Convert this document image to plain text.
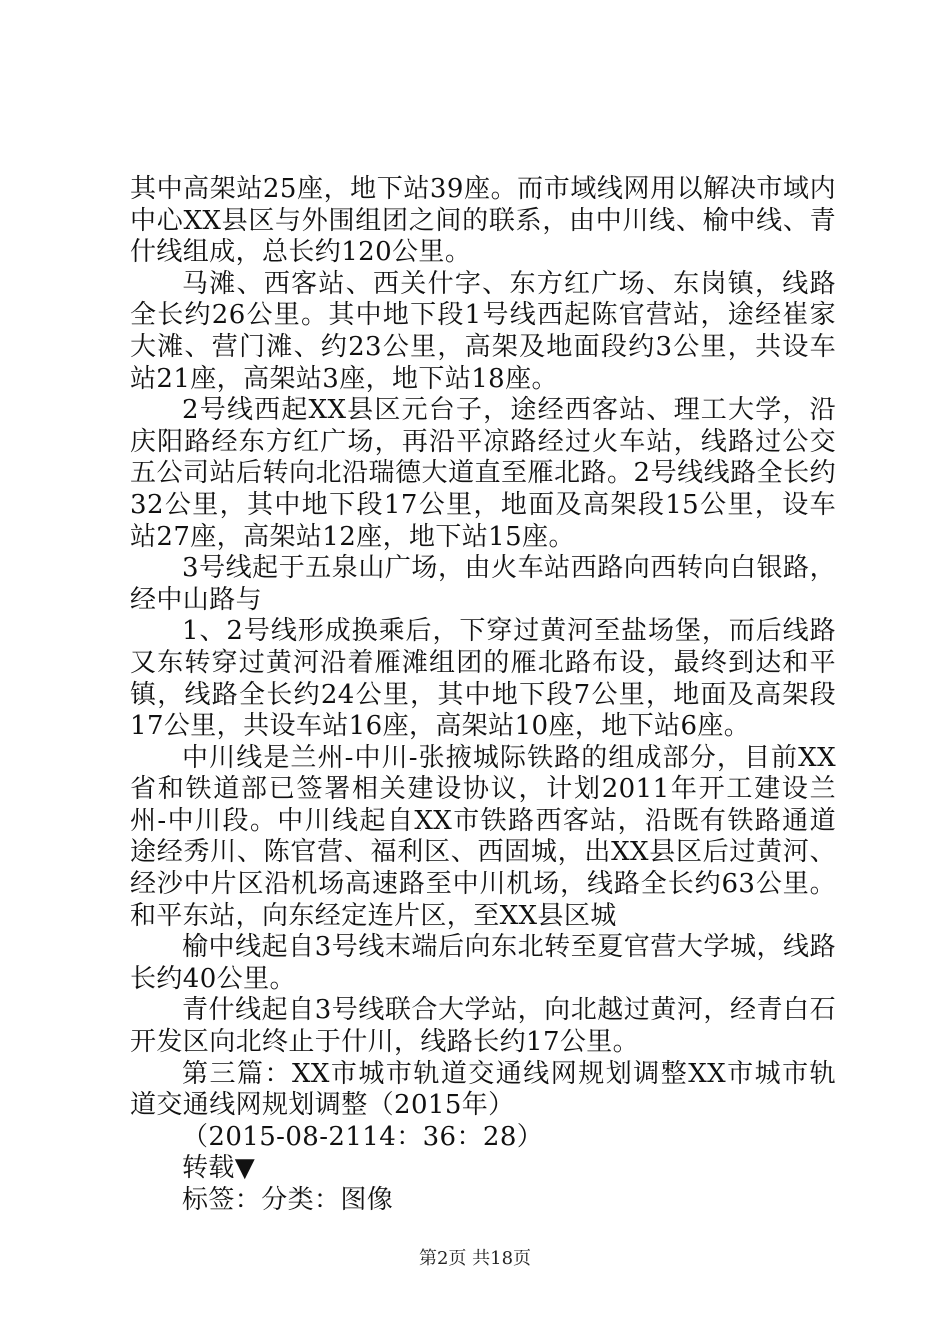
其中高架站25座，地下站39座。而市域线网用以解决市域内中心XX县区与外围组团之间的联系，由中川线、榆中线、青什线组成，总长约120公里。

马滩、西客站、西关什字、东方红广场、东岗镇，线路全长约26公里。其中地下段1号线西起陈官营站，途经崔家大滩、营门滩、约23公里，高架及地面段约3公里，共设车站21座，高架站3座，地下站18座。

2号线西起XX县区元台子，途经西客站、理工大学，沿庆阳路经东方红广场，再沿平凉路经过火车站，线路过公交五公司站后转向北沿瑞德大道直至雁北路。2号线线路全长约32公里，其中地下段17公里，地面及高架段15公里，设车站27座，高架站12座，地下站15座。

3号线起于五泉山广场，由火车站西路向西转向白银路，经中山路与

1、2号线形成换乘后，下穿过黄河至盐场堡，而后线路又东转穿过黄河沿着雁滩组团的雁北路布设，最终到达和平镇，线路全长约24公里，其中地下段7公里，地面及高架段17公里，共设车站16座，高架站10座，地下站6座。

中川线是兰州-中川-张掖城际铁路的组成部分，目前XX省和铁道部已签署相关建设协议，计划2011年开工建设兰州-中川段。中川线起自XX市铁路西客站，沿既有铁路通道途经秀川、陈官营、福利区、西固城，出XX县区后过黄河、经沙中片区沿机场高速路至中川机场，线路全长约63公里。和平东站，向东经定连片区，至XX县区城

榆中线起自3号线末端后向东北转至夏官营大学城，线路长约40公里。

青什线起自3号线联合大学站，向北越过黄河，经青白石开发区向北终止于什川，线路长约17公里。

第三篇：XX市城市轨道交通线网规划调整XX市城市轨道交通线网规划调整（2015年）

（2015-08-2114：36：28）

转载▼

标签：分类：图像

第2页 共18页
